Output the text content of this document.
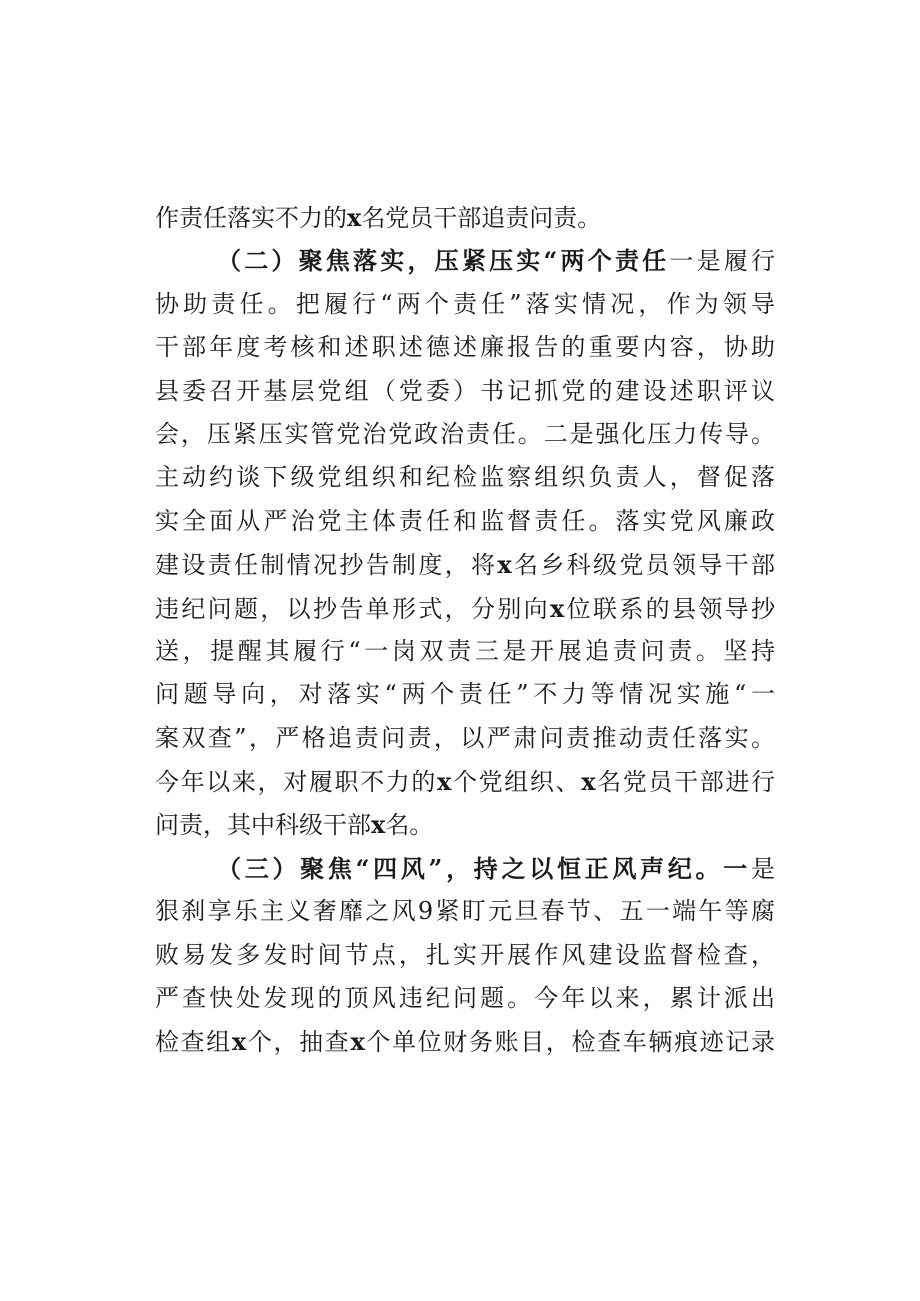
作责任落实不力的x名党员干部追责问责。
（二）聚焦落实，压紧压实“两个责任一是履行
协助责任。把履行“两个责任”落实情况，作为领导
干部年度考核和述职述德述廉报告的重要内容，协助
县委召开基层党组（党委）书记抓党的建设述职评议
会，压紧压实管党治党政治责任。二是强化压力传导。
主动约谈下级党组织和纪检监察组织负责人，督促落
实全面从严治党主体责任和监督责任。落实党风廉政
建设责任制情况抄告制度，将x名乡科级党员领导干部
违纪问题，以抄告单形式，分别向x位联系的县领导抄
送，提醒其履行“一岗双责三是开展追责问责。坚持
问题导向，对落实“两个责任”不力等情况实施“一
案双查”，严格追责问责，以严肃问责推动责任落实。
今年以来，对履职不力的x个党组织、x名党员干部进行
问责，其中科级干部x名。
（三）聚焦“四风”，持之以恒正风声纪。一是
狠刹享乐主义奢靡之风9紧盯元旦春节、五一端午等腐
败易发多发时间节点，扎实开展作风建设监督检查，
严查快处发现的顶风违纪问题。今年以来，累计派出
检查组x个，抽查x个单位财务账目，检查车辆痕迹记录
